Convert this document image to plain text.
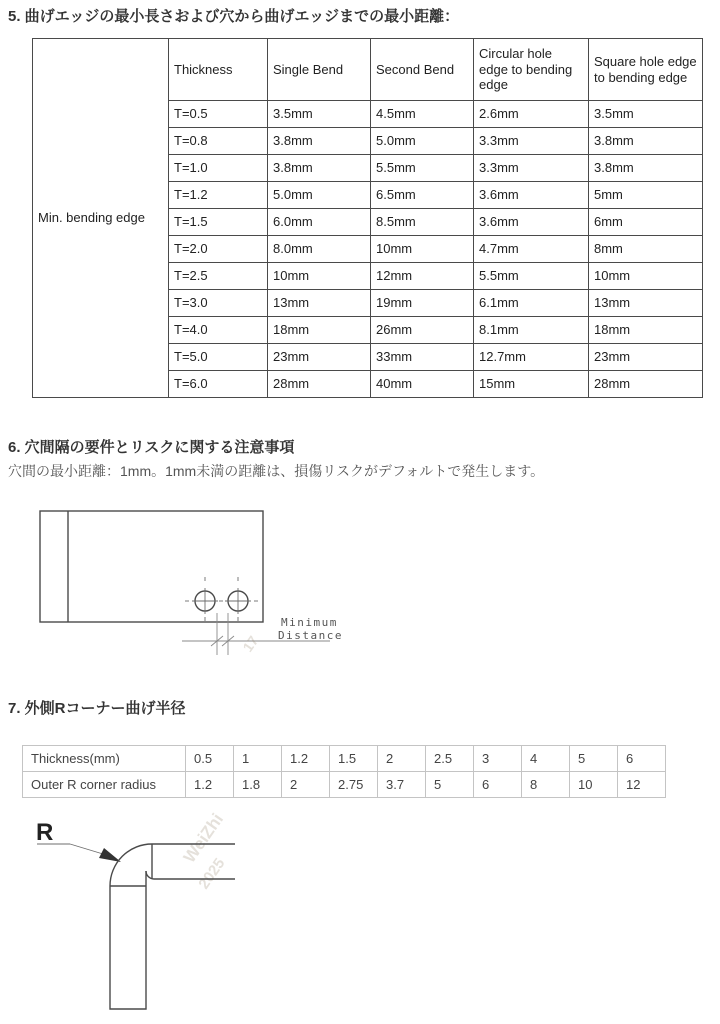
5. 曲げエッジの最小長さおよび穴から曲げエッジまでの最小距離：
Min. bending edge	Thickness	Single Bend	Second Bend	Circular hole edge to bending edge	Square hole edge to bending edge
	T=0.5	3.5mm	4.5mm	2.6mm	3.5mm
	T=0.8	3.8mm	5.0mm	3.3mm	3.8mm
	T=1.0	3.8mm	5.5mm	3.3mm	3.8mm
	T=1.2	5.0mm	6.5mm	3.6mm	5mm
	T=1.5	6.0mm	8.5mm	3.6mm	6mm
	T=2.0	8.0mm	10mm	4.7mm	8mm
	T=2.5	10mm	12mm	5.5mm	10mm
	T=3.0	13mm	19mm	6.1mm	13mm
	T=4.0	18mm	26mm	8.1mm	18mm
	T=5.0	23mm	33mm	12.7mm	23mm
	T=6.0	28mm	40mm	15mm	28mm
6. 穴間隔の要件とリスクに関する注意事項
穴間の最小距離：1mm。1mm未満の距離は、損傷リスクがデフォルトで発生します。
Minimum
Distance
17
7. 外側Rコーナー曲げ半径
Thickness(mm)	0.5	1	1.2	1.5	2	2.5	3	4	5	6
Outer R corner radius	1.2	1.8	2	2.75	3.7	5	6	8	10	12
WeiZhi
2025
R
